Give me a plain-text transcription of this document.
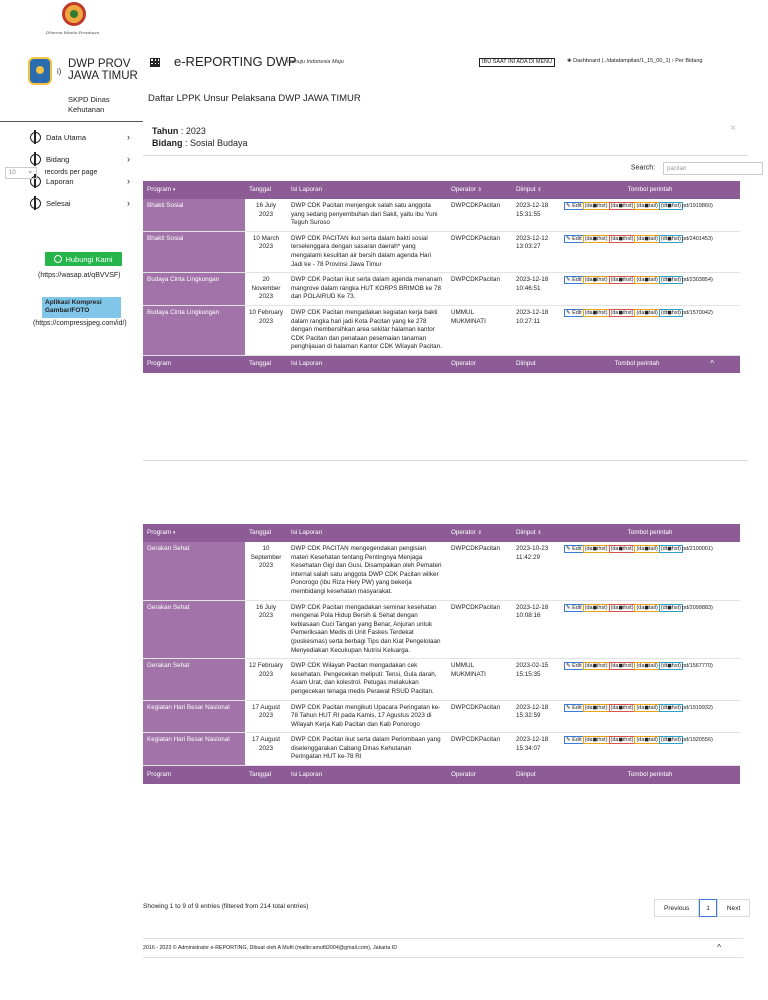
Dharma Wanita Persatuan
i)
DWP PROV
JAWA TIMUR
SKPD Dinas
Kehutanan
Data Utama	›
Bidang	›
Laporan	›
Selesai	›
Hubungi Kami
(https://wasap.at/qBVVSF)
Aplikasi Kompresi Gambar/FOTO
(https://compressjpeg.com/id/)
e-REPORTING DWP
menuju Indonesia Maju	IBU SAAT INI ADA DI MENU	❀ Dashboard (../datatampilan/1_15_00_1) › Per Bidang
Daftar LPPK Unsur Pelaksana DWP JAWA TIMUR
Tahun : 2023
Bidang : Sosial Budaya
×
10 ⌄	records per page
Search: pacitan
Program ▾	Tanggal	Isi Laporan	Operator ⇕	Diinput ⇕	Tombol perintah
Bhakti Sosial	16 July 2023	DWP CDK Pacitan menjenguk salah satu anggota yang sedang penyembuhan dari Sakit, yaitu ibu Yuni Teguh Suroso	DWPCDKPacitan	2023-12-18 15:31:55	✎ Edit (da◼ihst) (da◼ihst) (da◼tail) (dt◼hst)pd/1919860)
Bhakti Sosial	10 March 2023	DWP CDK PACITAN ikut serta dalam bakti sosial terselenggara dengan sasaran daerah* yang mengalami kesulitan air bersih dalam agenda Hari Jadi ke - 78 Provinsi Jawa Timur	DWPCDKPacitan	2023-12-12 13:03:27	✎ Edit (da◼ihst) (da◼ihst) (da◼tail) (dt◼hst)pd/2401453)
Budaya Cinta Lingkungan	20 November 2023	DWP CDK Pacitan ikut serta dalam agenda menanam mangrove dalam rangka HUT KORPS BRIMOB ke 78 dan POLAIRUD Ke 73.	DWPCDKPacitan	2023-12-18 10:46:51	✎ Edit (da◼ihst) (da◼ihst) (da◼tail) (dt◼hst)pd/2303854)
Budaya Cinta Lingkungan	10 February 2023	DWP CDK Pacitan mengadakan kegiatan kerja bakti dalam rangka hari jadi Kota Pacitan yang ke 278 dengan membersihkan area sekitar halaman kantor CDK Pacitan dan penataan pesemaian tanaman penghijauan di halaman Kantor CDK Wilayah Pacitan.	UMMUL MUKMINATI	2023-12-18 10:27:11	✎ Edit (da◼ihst) (da◼ihst) (da◼tail) (dt◼hst)pd/1570042)
Program	Tanggal	Isi Laporan	Operator	Diinput	Tombol perintah ^
Program ▾	Tanggal	Isi Laporan	Operator ⇕	Diinput ⇕	Tombol perintah
Gerakan Sehat	10 September 2023	DWP CDK PACITAN mengegendakan pengisian materi Kesehatan tentang Pentingnya Menjaga Kesehatan Gigi dan Gusi, Disampaikan oleh Pemateri internal salah satu anggota DWP CDK Pacitan wilker Ponorogo (ibu Riza Hery PW) yang bekerja membidangi kesehatan masyarakat.	DWPCDKPacitan	2023-10-23 11:42:29	✎ Edit (da◼ihst) (da◼ihst) (da◼tail) (dt◼hst)pd/2100001)
Gerakan Sehat	16 July 2023	DWP CDK Pacitan mengadakan seminar kesehatan mengenai Pola Hidup Bersih & Sehat dengan kebiasaan Cuci Tangan yang Benar, Anjuran untuk Pemeriksaan Medis di Unit Faskes Terdekat (puskesmas) serta berbagi Tips dan Kiat Pengelolaan Menyediakan Kecukupan Nutrisi Keluarga.	DWPCDKPacitan	2023-12-18 10:08:16	✎ Edit (da◼ihst) (da◼ihst) (da◼tail) (dt◼hst)pd/2099883)
Gerakan Sehat	12 February 2023	DWP CDK Wilayah Pacitan mengadakan cek kesehatan. Pengecekan meliputi: Tensi, Gula darah, Asam Urat, dan kolestrol. Petugas melakukan pengecekan tenaga medis Perawat RSUD Pacitan.	UMMUL MUKMINATI	2023-02-15 15:15:35	✎ Edit (da◼ihst) (da◼ihst) (da◼tail) (dt◼hst)pd/1567770)
Kegiatan Hari Besar Nasional	17 August 2023	DWP CDK Pacitan mengikuti Upacara Peringatan ke-78 Tahun HUT RI pada Kamis, 17 Agustus 2023 di Wilayah Kerja Kab Pacitan dan Kab Ponorogo	DWPCDKPacitan	2023-12-18 15:32:59	✎ Edit (da◼ihst) (da◼ihst) (da◼tail) (dt◼hst)pd/1919932)
Kegiatan Hari Besar Nasional	17 August 2023	DWP CDK Pacitan ikut serta dalam Perlombaan yang diselenggarakan Cabang Dinas Kehutanan Peringatan HUT ke-78 RI	DWPCDKPacitan	2023-12-18 15:34:07	✎ Edit (da◼ihst) (da◼ihst) (da◼tail) (dt◼hst)pd/1920556)
Program	Tanggal	Isi Laporan	Operator	Diinput	Tombol perintah
Showing 1 to 9 of 9 entries (filtered from 214 total entries)	Previous	1	Next
2016 - 2023 © Administrator e-REPORTING, Dibuat oleh A Mufti (mailto:amufti2004@gmail.com), Jakarta ID	^
